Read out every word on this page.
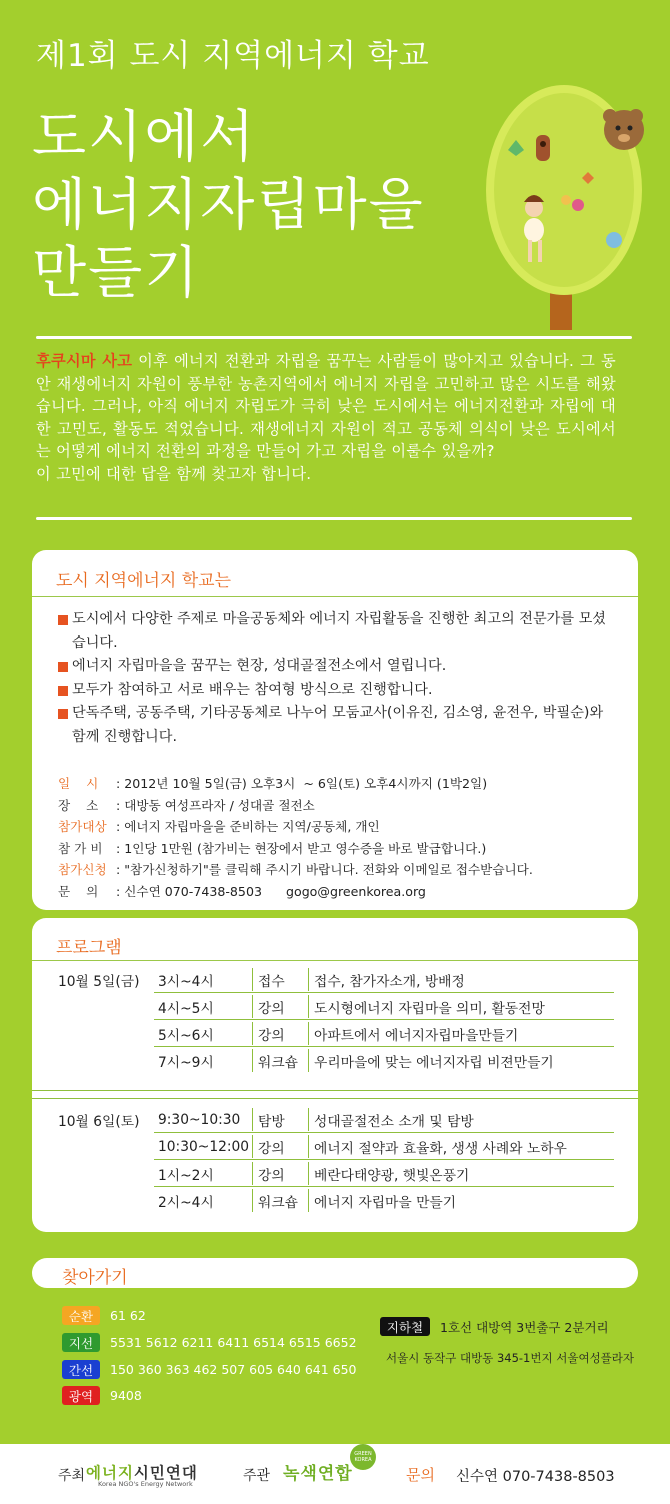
제1회 도시 지역에너지 학교
도시에서
에너지자립마을
만들기
후쿠시마 사고 이후 에너지 전환과 자립을 꿈꾸는 사람들이 많아지고 있습니다. 그 동안 재생에너지 자원이 풍부한 농촌지역에서 에너지 자립을 고민하고 많은 시도를 해왔습니다. 그러나, 아직 에너지 자립도가 극히 낮은 도시에서는 에너지전환과 자립에 대한 고민도, 활동도 적었습니다. 재생에너지 자원이 적고 공동체 의식이 낮은 도시에서는 어떻게 에너지 전환의 과정을 만들어 가고 자립을 이룰수 있을까?
이 고민에 대한 답을 함께 찾고자 합니다.
도시 지역에너지 학교는
도시에서 다양한 주제로 마을공동체와 에너지 자립활동을 진행한 최고의 전문가를 모셨습니다.
에너지 자립마을을 꿈꾸는 현장, 성대골절전소에서 열립니다.
모두가 참여하고 서로 배우는 참여형 방식으로 진행합니다.
단독주택, 공동주택, 기타공동체로 나누어 모둠교사(이유진, 김소영, 윤전우, 박필순)와 함께 진행합니다.
일    시	: 2012년 10월 5일(금) 오후3시  ~ 6일(토) 오후4시까지 (1박2일)
장    소	: 대방동 여성프라자 / 성대골 절전소
참가대상 : 에너지 자립마을을 준비하는 지역/공동체, 개인
참 가 비	: 1인당 1만원 (참가비는 현장에서 받고 영수증을 바로 발급합니다.)
참가신청 : "참가신청하기"를 클릭해 주시기 바랍니다. 전화와 이메일로 접수받습니다.
문    의	: 신수연 070-7438-8503      gogo@greenkorea.org
프로그램
10월 5일(금)	3시~4시	접수	접수, 참가자소개, 방배정
4시~5시	강의	도시형에너지 자립마을 의미, 활동전망
5시~6시	강의	아파트에서 에너지자립마을만들기
7시~9시	워크숍	우리마을에 맞는 에너지자립 비젼만들기
10월 6일(토)	9:30~10:30	탐방	성대골절전소 소개 및 탐방
10:30~12:00 강의	에너지 절약과 효율화, 생생 사례와 노하우
1시~2시	강의	베란다태양광, 햇빛온풍기
2시~4시	워크숍	에너지 자립마을 만들기
찾아가기
순환	61 62
지선	5531 5612 6211 6411 6514 6515 6652
간선	150 360 363 462 507 605 640 641 650
광역	9408
지하철	1호선 대방역 3번출구 2분거리
서울시 동작구 대방동 345-1번지 서울여성플라자
주최 에너지시민연대
Korea NGO's Energy Network	주관 녹색연합
GREEN KOREA
문의 신수연 070-7438-8503
